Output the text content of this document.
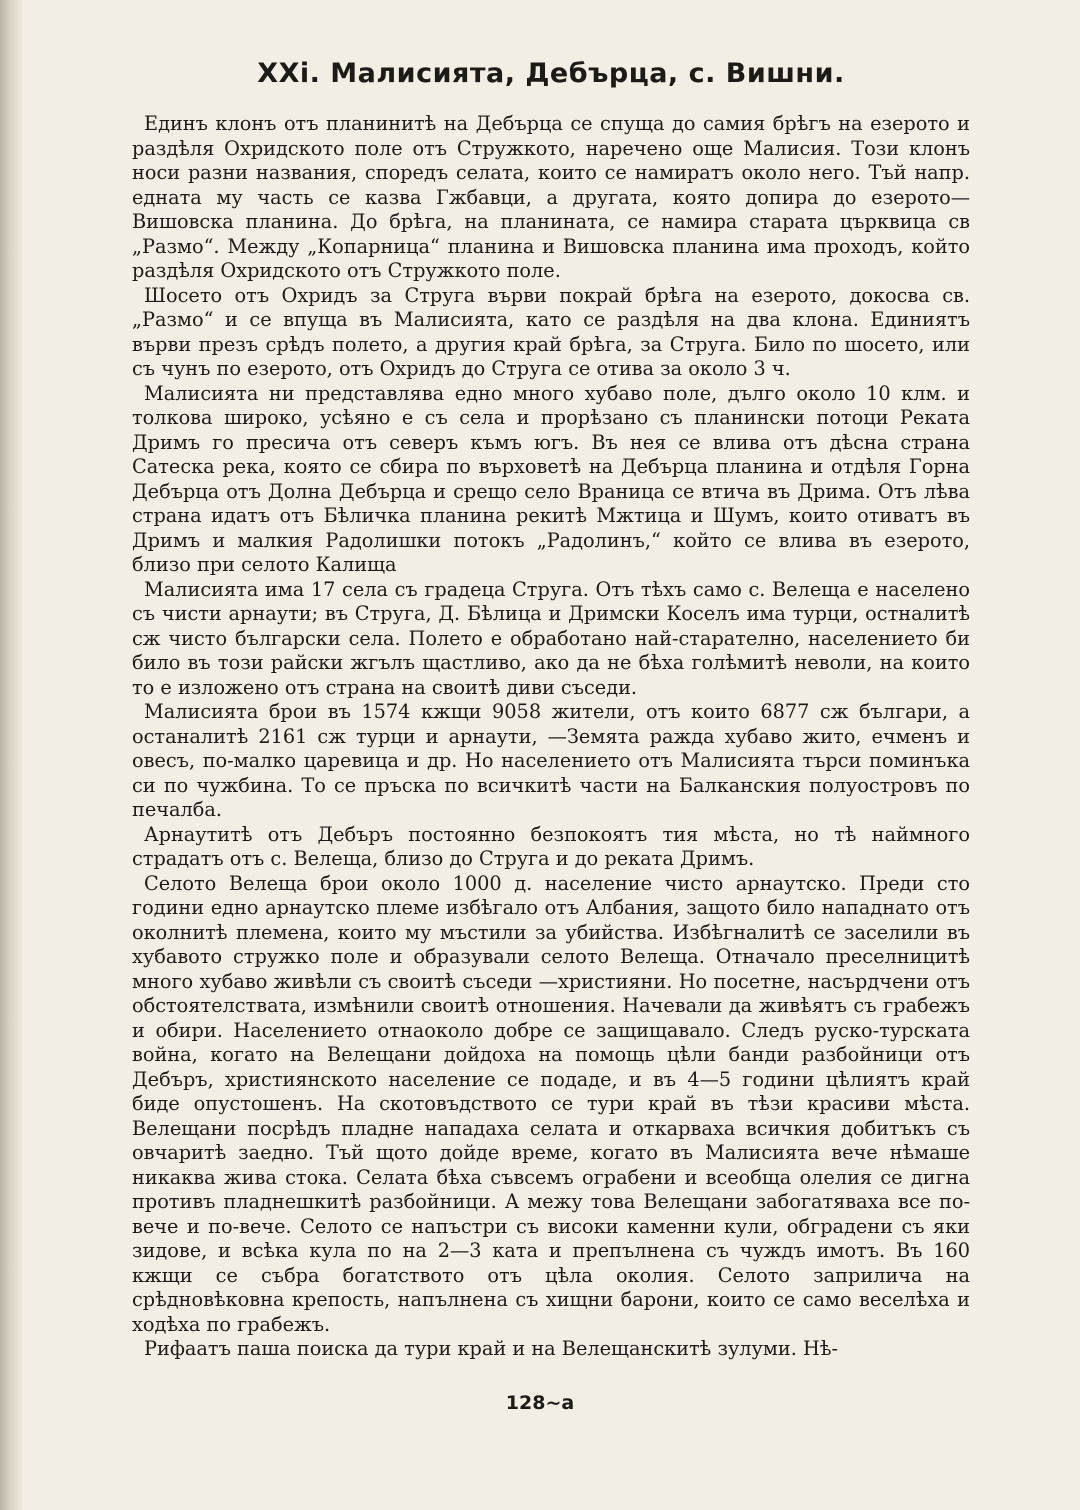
XXi. Малисията, Дебърца, с. Вишни.

Единъ клонъ отъ планинитѣ на Дебърца се спуща до самия брѣгъ на езерото и раздѣля Охридското поле отъ Стружкото, наречено още Малисия. Този клонъ носи разни названия, споредъ селата, които се намиратъ около него. Тъй напр. едната му часть се казва Гжбавци, а другата, която допира до езерото—Вишовска планина. До брѣга, на планината, се намира старата църквица св „Размо“. Между „Копарница“ планина и Вишовска планина има проходъ, който раздѣля Охридското отъ Стружкото поле.

Шосето отъ Охридъ за Струга върви покрай брѣга на езерото, докосва св. „Размо“ и се впуща въ Малисията, като се раздѣля на два клона. Единиятъ върви презъ срѣдъ полето, а другия край брѣга, за Струга. Било по шосето, или съ чунъ по езерото, отъ Охридъ до Струга се отива за около 3 ч.

Малисията ни представлява едно много хубаво поле, дълго около 10 клм. и толкова широко, усѣяно е съ села и прорѣзано съ планински потоци Реката Дримъ го пресича отъ северъ къмъ югъ. Въ нея се влива отъ дѣсна страна Сатеска река, която се сбира по върховетѣ на Дебърца планина и отдѣля Горна Дебърца отъ Долна Дебърца и срещо село Враница се втича въ Дрима. Отъ лѣва страна идатъ отъ Бѣличка планина рекитѣ Мжтица и Шумъ, които отиватъ въ Дримъ и малкия Радолишки потокъ „Радолинъ,“ който се влива въ езерото, близо при селото Калища

Малисията има 17 села съ градеца Струга. Отъ тѣхъ само с. Велеща е населено съ чисти арнаути; въ Струга, Д. Бѣлица и Дримски Коселъ има турци, остналитѣ сж чисто български села. Полето е обработано най-старателно, населението би било въ този райски жгълъ щастливо, ако да не бѣха голѣмитѣ неволи, на които то е изложено отъ страна на своитѣ диви съседи.

Малисията брои въ 1574 кжщи 9058 жители, отъ които 6877 сж българи, а останалитѣ 2161 сж турци и арнаути, —Земята ражда хубаво жито, ечменъ и овесъ, по-малко царевица и др. Но населението отъ Малисията търси поминъка си по чужбина. То се пръска по всичкитѣ части на Балканския полуостровъ по печалба.

Арнаутитѣ отъ Дебъръ постоянно безпокоятъ тия мѣста, но тѣ наймного страдатъ отъ с. Велеща, близо до Струга и до реката Дримъ.

Селото Велеща брои около 1000 д. население чисто арнаутско. Преди сто години едно арнаутско племе избѣгало отъ Албания, защото било нападнато отъ околнитѣ племена, които му мъстили за убийства. Избѣгналитѣ се заселили въ хубавото стружко поле и образували селото Велеща. Отначало преселницитѣ много хубаво живѣли съ своитѣ съседи —християни. Но посетне, насърдчени отъ обстоятелствата, измѣнили своитѣ отношения. Начевали да живѣятъ съ грабежъ и обири. Населението отнаоколо добре се защищавало. Следъ руско-турската война, когато на Велещани дойдоха на помощь цѣли банди разбойници отъ Дебъръ, християнското население се подаде, и въ 4—5 години цѣлиятъ край биде опустошенъ. На скотовъдството се тури край въ тѣзи красиви мѣста. Велещани посрѣдъ пладне нападаха селата и откарваха всичкия добитъкъ съ овчаритѣ заедно. Тъй щото дойде време, когато въ Малисията вече нѣмаше никаква жива стока. Селата бѣха съвсемъ ограбени и всеобща олелия се дигна противъ пладнешкитѣ разбойници. А межу това Велещани забогатяваха все по-вече и по-вече. Селото се напъстри съ високи каменни кули, обградени съ яки зидове, и всѣка кула по на 2—3 ката и препълнена съ чуждъ имотъ. Въ 160 кжщи се събра богатството отъ цѣла околия. Селото заприлича на срѣдновѣковна крепость, напълнена съ хищни барони, които се само веселѣха и ходѣха по грабежъ.

Рифаатъ паша поиска да тури край и на Велещанскитѣ зулуми. Нѣ-

128~а
